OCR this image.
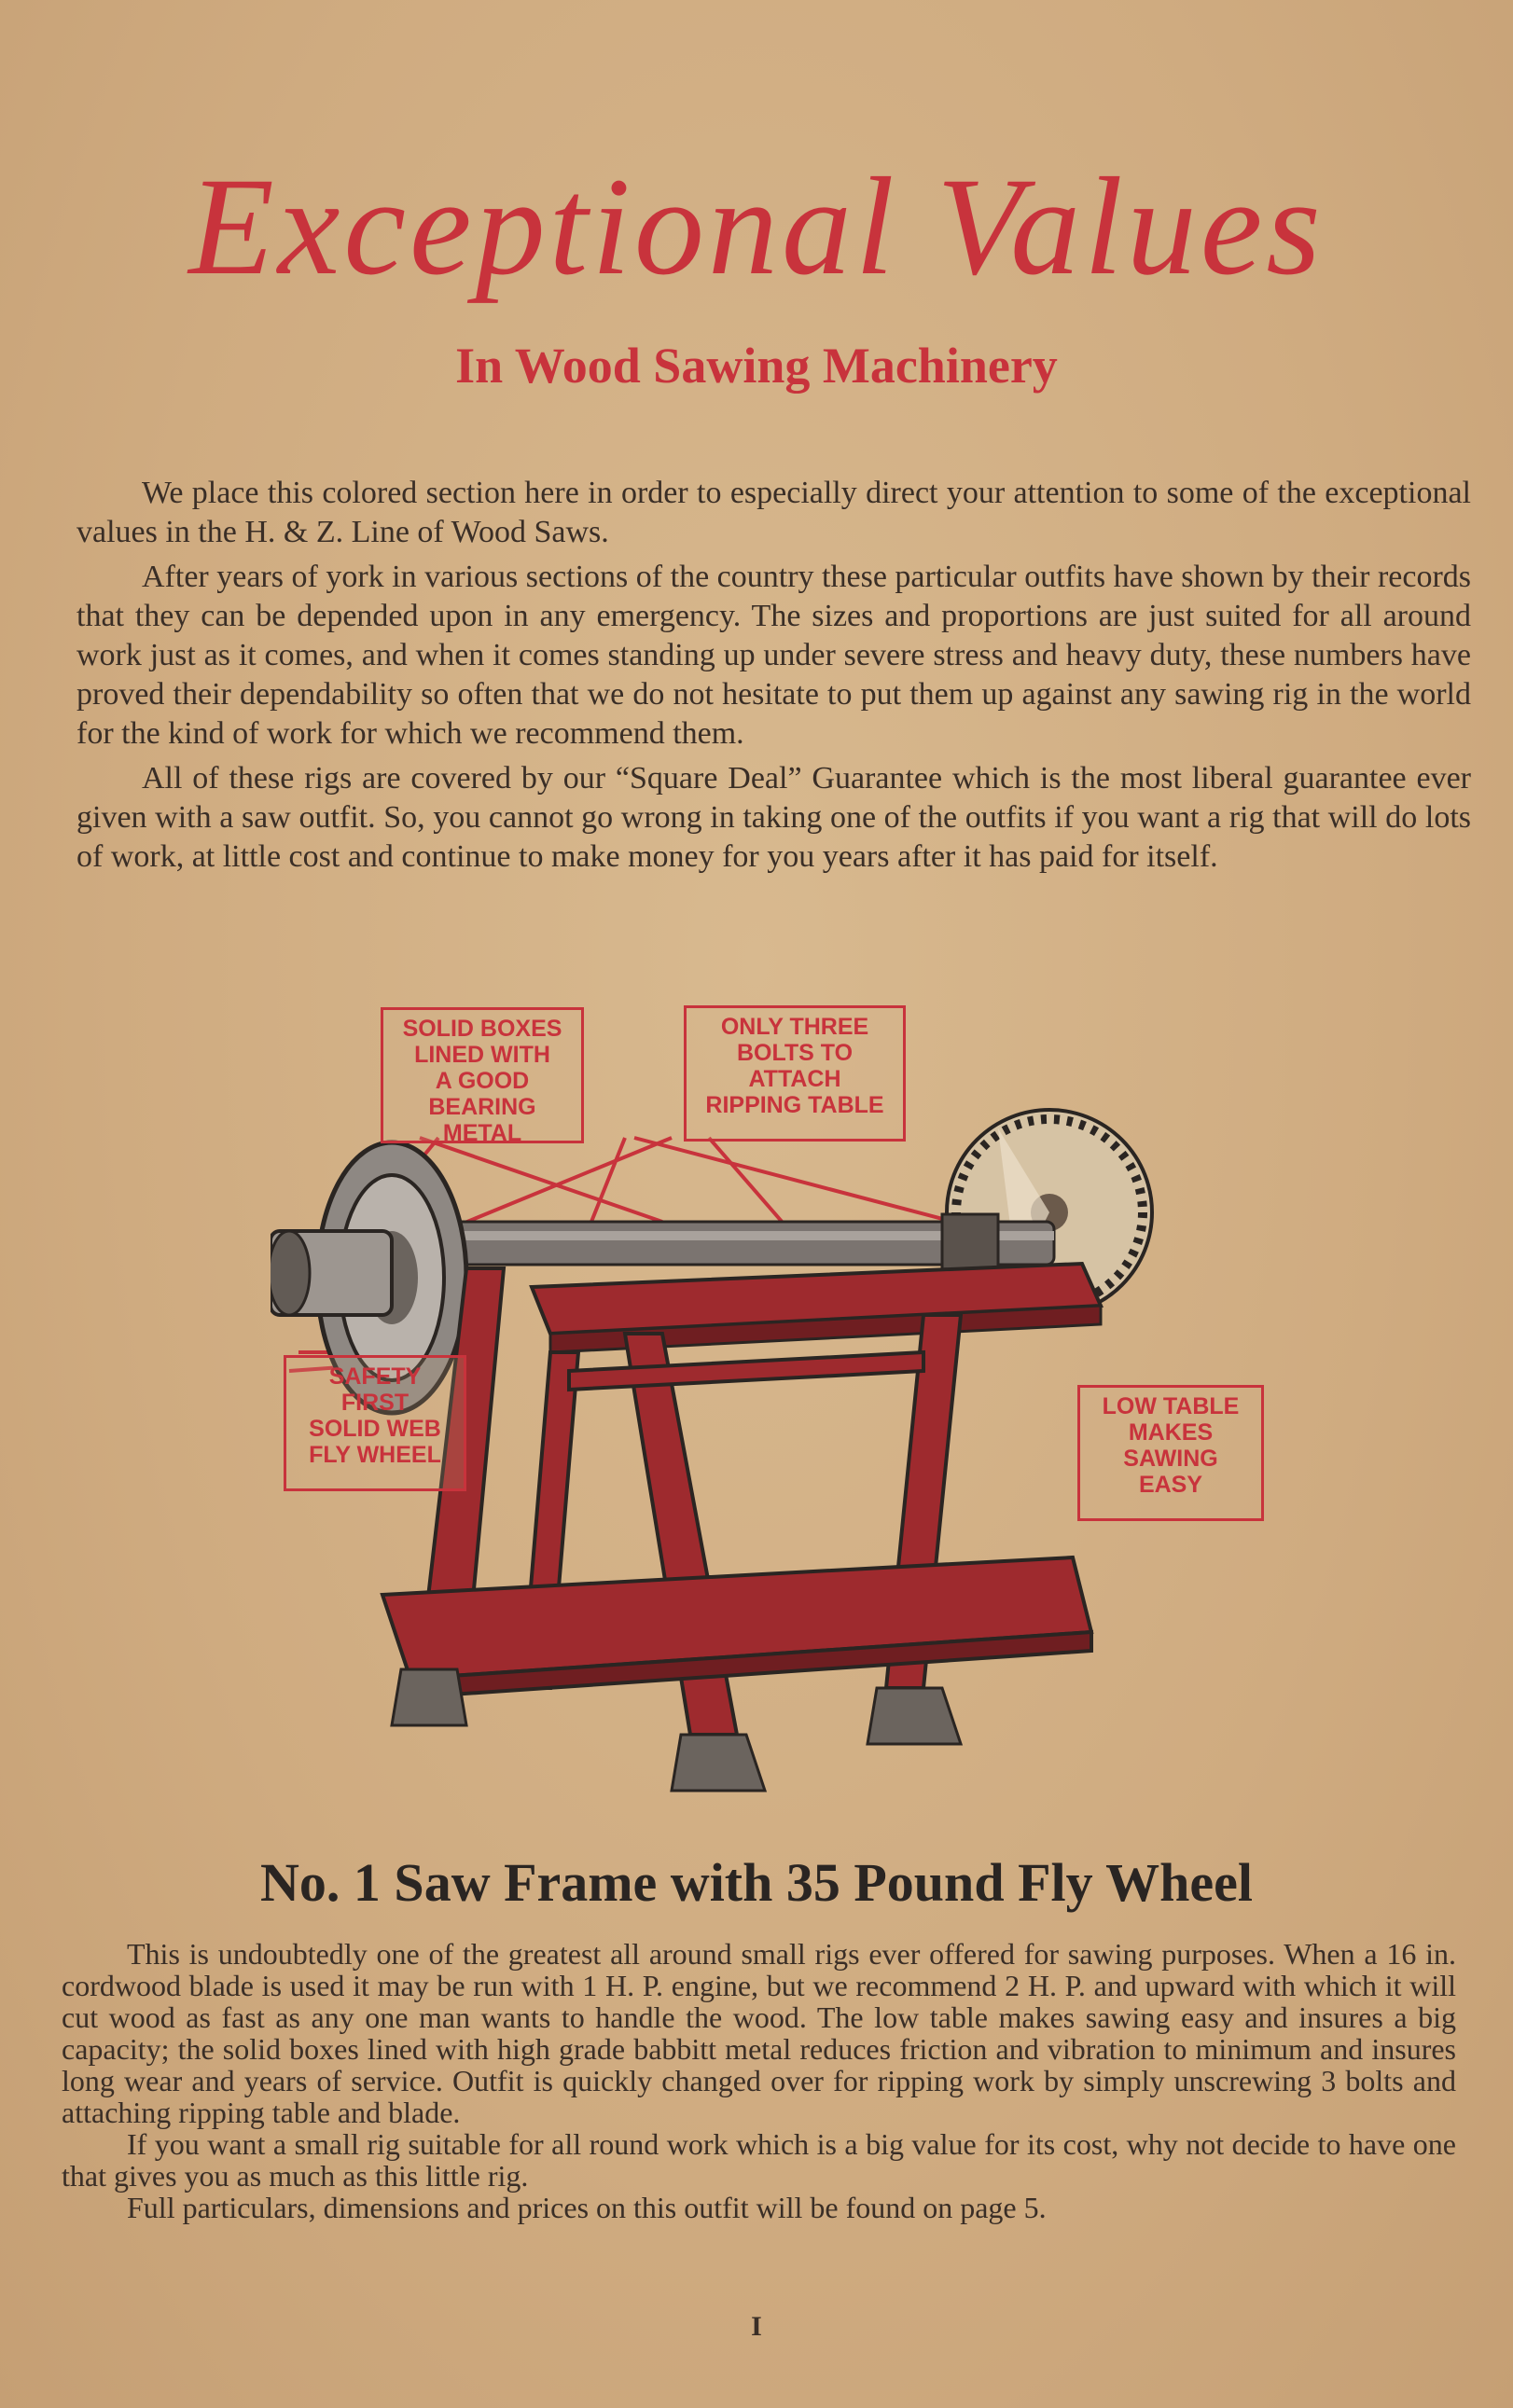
Exceptional Values
In Wood Sawing Machinery

We place this colored section here in order to especially direct your attention to some of the exceptional values in the H. & Z. Line of Wood Saws.

After years of york in various sections of the country these particular outfits have shown by their records that they can be depended upon in any emergency. The sizes and proportions are just suited for all around work just as it comes, and when it comes standing up under severe stress and heavy duty, these numbers have proved their dependability so often that we do not hesitate to put them up against any sawing rig in the world for the kind of work for which we recommend them.

All of these rigs are covered by our “Square Deal” Guarantee which is the most liberal guarantee ever given with a saw outfit. So, you cannot go wrong in taking one of the outfits if you want a rig that will do lots of work, at little cost and continue to make money for you years after it has paid for itself.

SOLID BOXES
LINED WITH
A GOOD
BEARING METAL
ONLY THREE
BOLTS TO
ATTACH
RIPPING TABLE
SAFETY
FIRST
SOLID WEB
FLY WHEEL
LOW TABLE
MAKES
SAWING
EASY
No. 1 Saw Frame with 35 Pound Fly Wheel

This is undoubtedly one of the greatest all around small rigs ever offered for sawing purposes. When a 16 in. cordwood blade is used it may be run with 1 H. P. engine, but we recommend 2 H. P. and upward with which it will cut wood as fast as any one man wants to handle the wood. The low table makes sawing easy and insures a big capacity; the solid boxes lined with high grade babbitt metal reduces friction and vibration to minimum and insures long wear and years of service. Outfit is quickly changed over for ripping work by simply unscrewing 3 bolts and attaching ripping table and blade.

If you want a small rig suitable for all round work which is a big value for its cost, why not decide to have one that gives you as much as this little rig.

Full particulars, dimensions and prices on this outfit will be found on page 5.

I
